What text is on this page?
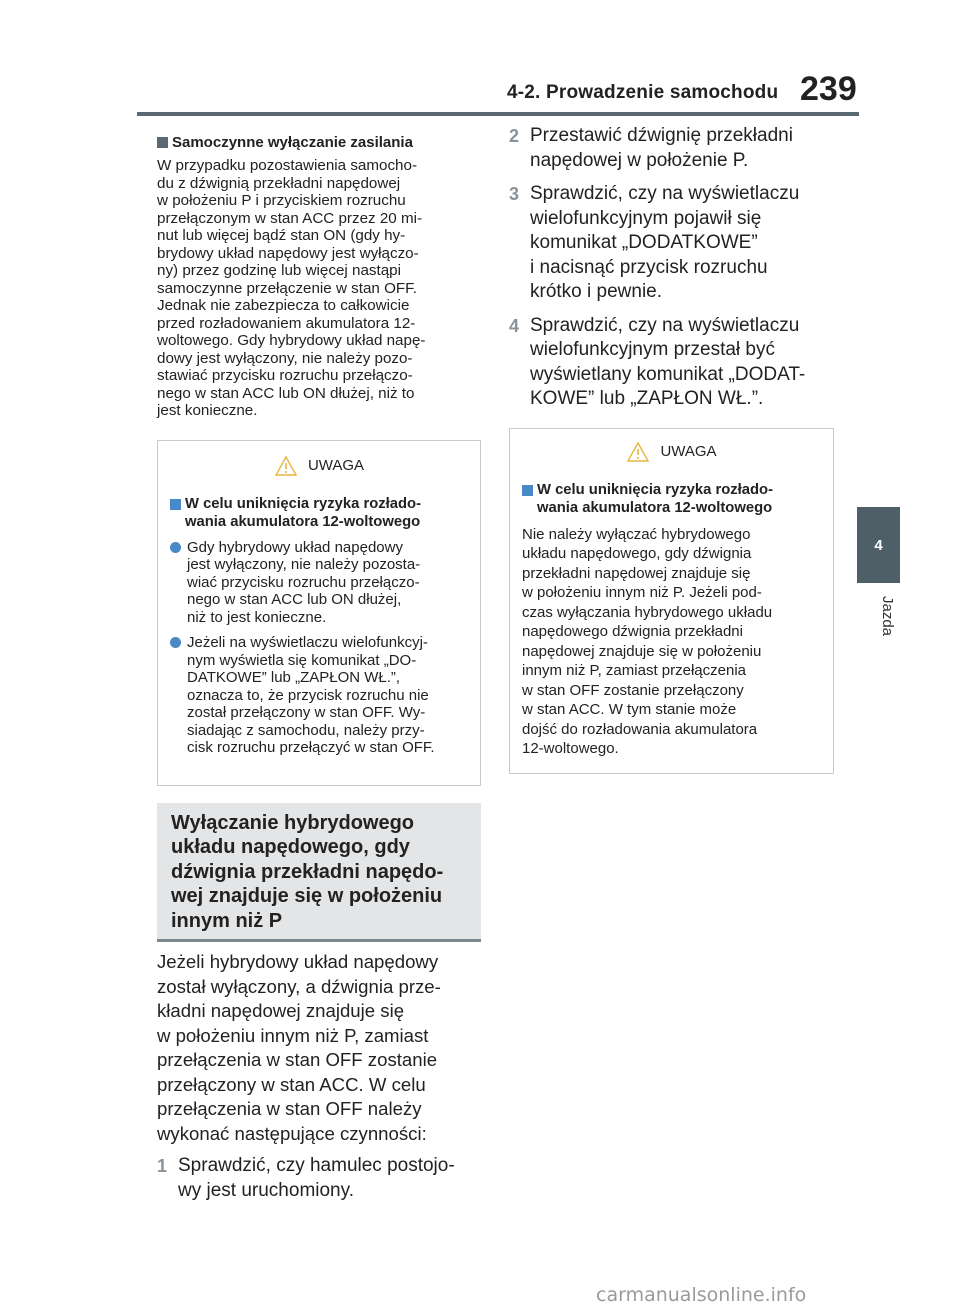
4-2. Prowadzenie samochodu 239
4
Jazda
Samoczynne wyłączanie zasilania
W przypadku pozostawienia samocho-
du z dźwignią przekładni napędowej
w położeniu P i przyciskiem rozruchu
przełączonym w stan ACC przez 20 mi-
nut lub więcej bądź stan ON (gdy hy-
brydowy układ napędowy jest wyłączo-
ny) przez godzinę lub więcej nastąpi
samoczynne przełączenie w stan OFF.
Jednak nie zabezpiecza to całkowicie
przed rozładowaniem akumulatora 12-
woltowego. Gdy hybrydowy układ napę-
dowy jest wyłączony, nie należy pozo-
stawiać przycisku rozruchu przełączo-
nego w stan ACC lub ON dłużej, niż to
jest konieczne.
UWAGA
W celu uniknięcia ryzyka rozłado-
wania akumulatora 12-woltowego
Gdy hybrydowy układ napędowy
jest wyłączony, nie należy pozosta-
wiać przycisku rozruchu przełączo-
nego w stan ACC lub ON dłużej,
niż to jest konieczne.
Jeżeli na wyświetlaczu wielofunkcyj-
nym wyświetla się komunikat „DO-
DATKOWE” lub „ZAPŁON WŁ.”,
oznacza to, że przycisk rozruchu nie
został przełączony w stan OFF. Wy-
siadając z samochodu, należy przy-
cisk rozruchu przełączyć w stan OFF.
Wyłączanie hybrydowego
układu napędowego, gdy
dźwignia przekładni napędo-
wej znajduje się w położeniu
innym niż P
Jeżeli hybrydowy układ napędowy
został wyłączony, a dźwignia prze-
kładni napędowej znajduje się
w położeniu innym niż P, zamiast
przełączenia w stan OFF zostanie
przełączony w stan ACC. W celu
przełączenia w stan OFF należy
wykonać następujące czynności:
1 Sprawdzić, czy hamulec postojo-
wy jest uruchomiony.
2 Przestawić dźwignię przekładni
napędowej w położenie P.
3 Sprawdzić, czy na wyświetlaczu
wielofunkcyjnym pojawił się
komunikat „DODATKOWE”
i nacisnąć przycisk rozruchu
krótko i pewnie.
4 Sprawdzić, czy na wyświetlaczu
wielofunkcyjnym przestał być
wyświetlany komunikat „DODAT-
KOWE” lub „ZAPŁON WŁ.”.
UWAGA
W celu uniknięcia ryzyka rozłado-
wania akumulatora 12-woltowego
Nie należy wyłączać hybrydowego
układu napędowego, gdy dźwignia
przekładni napędowej znajduje się
w położeniu innym niż P. Jeżeli pod-
czas wyłączania hybrydowego układu
napędowego dźwignia przekładni
napędowej znajduje się w położeniu
innym niż P, zamiast przełączenia
w stan OFF zostanie przełączony
w stan ACC. W tym stanie może
dojść do rozładowania akumulatora
12-woltowego.
carmanualsonline.info
